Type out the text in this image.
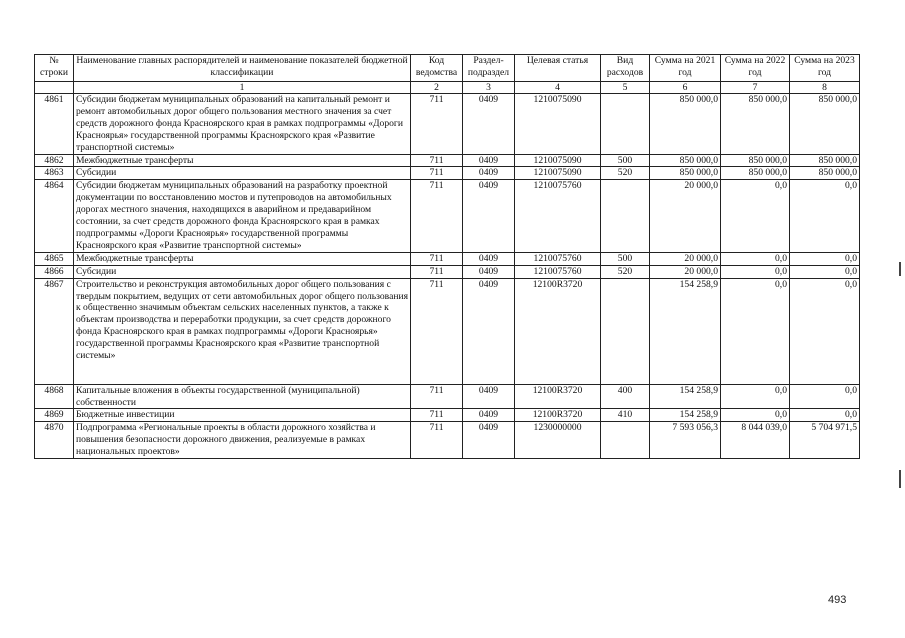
№ строки	Наименование главных распорядителей и наименование показателей бюджетной классификации	Код ведомства	Раздел-подраздел	Целевая статья	Вид расходов	Сумма на 2021 год	Сумма на 2022 год	Сумма на 2023 год
	1	2	3	4	5	6	7	8
4861	Субсидии бюджетам муниципальных образований на капитальный ремонт и ремонт автомобильных дорог общего пользования местного значения за счет средств дорожного фонда Красноярского края в рамках подпрограммы «Дороги Красноярья» государственной программы Красноярского края «Развитие транспортной системы»	711	0409	1210075090		850 000,0	850 000,0	850 000,0
4862	Межбюджетные трансферты	711	0409	1210075090	500	850 000,0	850 000,0	850 000,0
4863	Субсидии	711	0409	1210075090	520	850 000,0	850 000,0	850 000,0
4864	Субсидии бюджетам муниципальных образований на разработку проектной документации по восстановлению мостов и путепроводов на автомобильных дорогах местного значения, находящихся в аварийном и предаварийном состоянии, за счет средств дорожного фонда Красноярского края в рамках подпрограммы «Дороги Красноярья» государственной программы Красноярского края «Развитие транспортной системы»	711	0409	1210075760		20 000,0	0,0	0,0
4865	Межбюджетные трансферты	711	0409	1210075760	500	20 000,0	0,0	0,0
4866	Субсидии	711	0409	1210075760	520	20 000,0	0,0	0,0
4867	Строительство и реконструкция автомобильных дорог общего пользования с твердым покрытием, ведущих от сети автомобильных дорог общего пользования к общественно значимым объектам сельских населенных пунктов, а также к объектам производства и переработки продукции, за счет средств дорожного фонда Красноярского края в рамках подпрограммы «Дороги Красноярья» государственной программы Красноярского края «Развитие транспортной системы»	711	0409	12100R3720		154 258,9	0,0	0,0
4868	Капитальные вложения в объекты государственной (муниципальной) собственности	711	0409	12100R3720	400	154 258,9	0,0	0,0
4869	Бюджетные инвестиции	711	0409	12100R3720	410	154 258,9	0,0	0,0
4870	Подпрограмма «Региональные проекты в области дорожного хозяйства и повышения безопасности дорожного движения, реализуемые в рамках национальных проектов»	711	0409	1230000000		7 593 056,3	8 044 039,0	5 704 971,5
493
